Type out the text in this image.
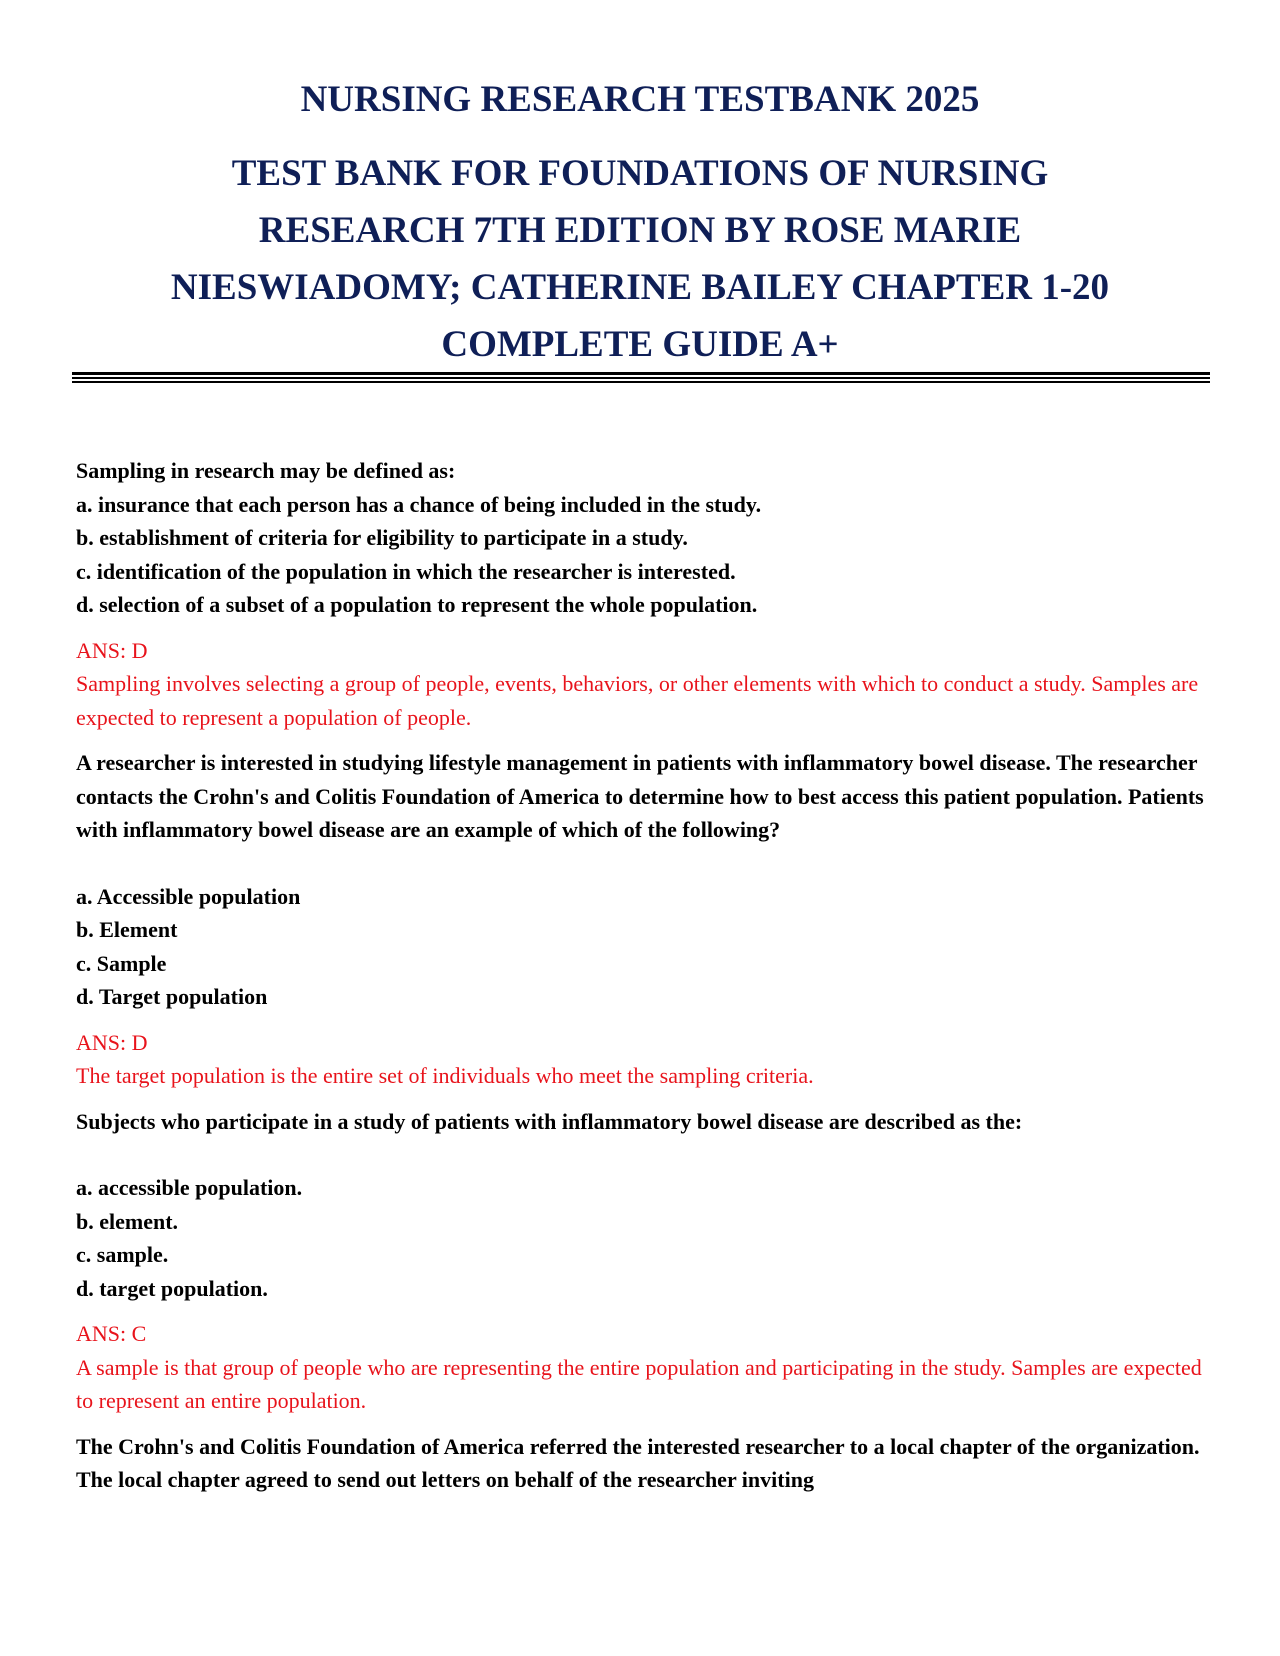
NURSING RESEARCH TESTBANK 2025
TEST BANK FOR FOUNDATIONS OF NURSING
RESEARCH 7TH EDITION BY ROSE MARIE
NIESWIADOMY; CATHERINE BAILEY CHAPTER 1-20
COMPLETE GUIDE A+

Sampling in research may be defined as:

a. insurance that each person has a chance of being included in the study.

b. establishment of criteria for eligibility to participate in a study.

c. identification of the population in which the researcher is interested.

d. selection of a subset of a population to represent the whole population.

ANS: D

Sampling involves selecting a group of people, events, behaviors, or other elements with which to conduct a study. Samples are expected to represent a population of people.

A researcher is interested in studying lifestyle management in patients with inflammatory bowel disease. The researcher contacts the Crohn's and Colitis Foundation of America to determine how to best access this patient population. Patients with inflammatory bowel disease are an example of which of the following?

a. Accessible population

b. Element

c. Sample

d. Target population

ANS: D

The target population is the entire set of individuals who meet the sampling criteria.

Subjects who participate in a study of patients with inflammatory bowel disease are described as the:

a. accessible population.

b. element.

c. sample.

d. target population.

ANS: C

A sample is that group of people who are representing the entire population and participating in the study. Samples are expected to represent an entire population.

The Crohn's and Colitis Foundation of America referred the interested researcher to a local chapter of the organization. The local chapter agreed to send out letters on behalf of the researcher inviting
